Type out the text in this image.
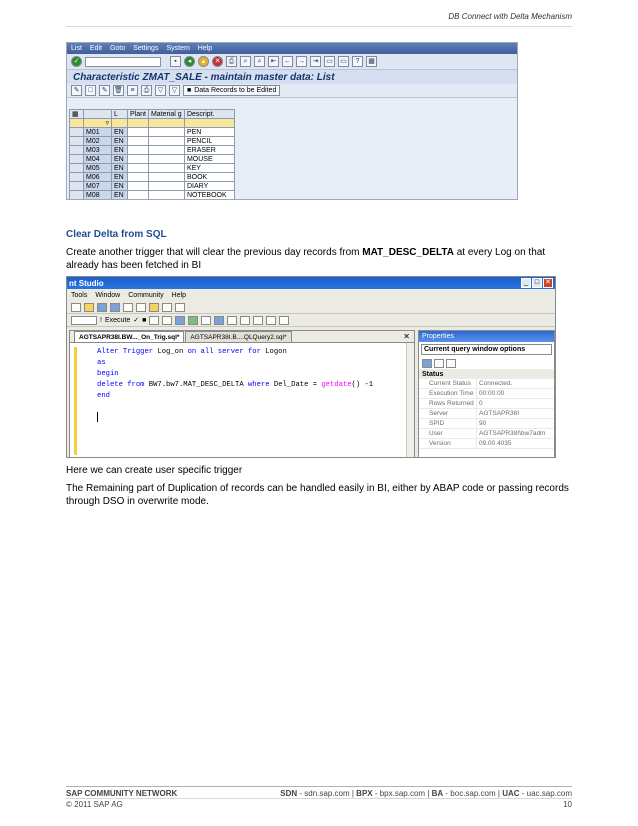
DB Connect with Delta Mechanism
List Edit Goto Settings System Help
✓	▪	◂	▴	✕	⎙	⌕	⌕	⇤	← →	⇥	▭	▭	?	▦
Characteristic ZMAT_SALE - maintain master data: List
✎	□	✎ 🗑	≡	⎙	▽	▽	■ Data Records to be Edited
▦		L	Plant	Material g	Descript.
	▿				
	M01	EN			PEN
	M02	EN			PENCIL
	M03	EN			ERASER
	M04	EN			MOUSE
	M05	EN			KEY
	M06	EN			BOOK
	M07	EN			DIARY
	M08	EN			NOTEBOOK
Clear Delta from SQL
Create another trigger that will clear the previous day records from MAT_DESC_DELTA at every Log on that already has been fetched in BI
nt Studio	_ □ ✕
Tools Window Community Help
! Execute ✓ ■
AGTSAPR38I.BW..._On_Trig.sql*	AGTSAPR38I.B....QLQuery2.sql*	✕
Alter Trigger Log_on on all server for Logon
as
begin
delete from BW7.bw7.MAT_DESC_DELTA where Del_Date = getdate() -1
end
Properties
Current query window options
Status
Current Status	Connected.
Execution Time 00:00:00
Rows Returned 0
Server	AGTSAPR38I
SPID	90
User	AGTSAPR38I\bw7adm
Version	09.00.4035
Here we can create user specific trigger
The Remaining part of Duplication of records can be handled easily in BI, either by ABAP code or passing records through DSO in overwrite mode.
SAP COMMUNITY NETWORK	SDN - sdn.sap.com | BPX - bpx.sap.com | BA - boc.sap.com | UAC - uac.sap.com
© 2011 SAP AG	10
